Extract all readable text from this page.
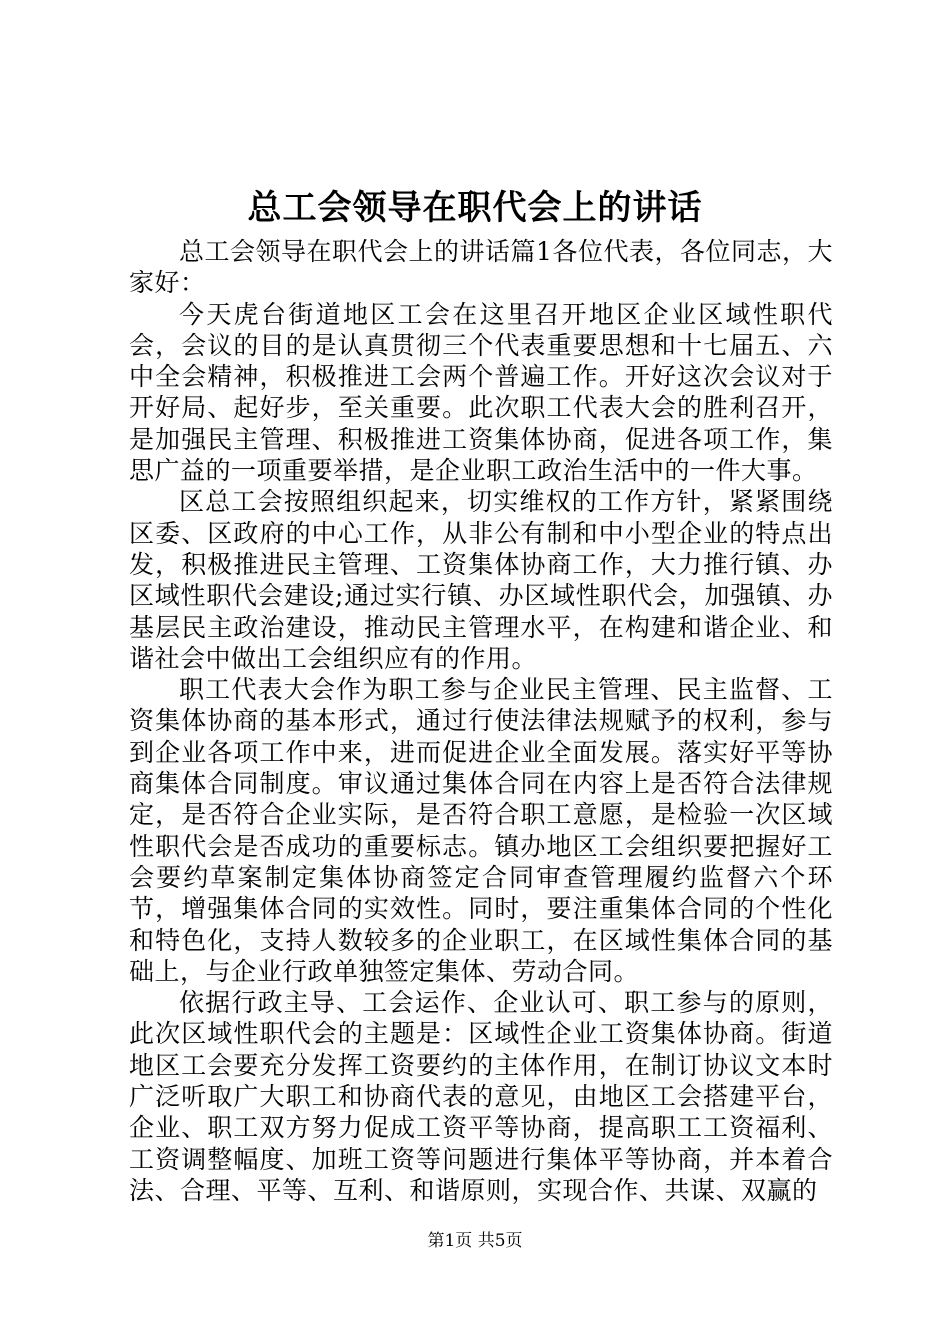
总工会领导在职代会上的讲话

总工会领导在职代会上的讲话篇1各位代表，各位同志，大家好：

今天虎台街道地区工会在这里召开地区企业区域性职代会，会议的目的是认真贯彻三个代表重要思想和十七届五、六中全会精神，积极推进工会两个普遍工作。开好这次会议对于开好局、起好步，至关重要。此次职工代表大会的胜利召开，是加强民主管理、积极推进工资集体协商，促进各项工作，集思广益的一项重要举措，是企业职工政治生活中的一件大事。

区总工会按照组织起来，切实维权的工作方针，紧紧围绕区委、区政府的中心工作，从非公有制和中小型企业的特点出发，积极推进民主管理、工资集体协商工作，大力推行镇、办区域性职代会建设;通过实行镇、办区域性职代会，加强镇、办基层民主政治建设，推动民主管理水平，在构建和谐企业、和谐社会中做出工会组织应有的作用。

职工代表大会作为职工参与企业民主管理、民主监督、工资集体协商的基本形式，通过行使法律法规赋予的权利，参与到企业各项工作中来，进而促进企业全面发展。落实好平等协商集体合同制度。审议通过集体合同在内容上是否符合法律规定，是否符合企业实际，是否符合职工意愿，是检验一次区域性职代会是否成功的重要标志。镇办地区工会组织要把握好工会要约草案制定集体协商签定合同审查管理履约监督六个环节，增强集体合同的实效性。同时，要注重集体合同的个性化和特色化，支持人数较多的企业职工，在区域性集体合同的基础上，与企业行政单独签定集体、劳动合同。

依据行政主导、工会运作、企业认可、职工参与的原则，此次区域性职代会的主题是：区域性企业工资集体协商。街道地区工会要充分发挥工资要约的主体作用，在制订协议文本时广泛听取广大职工和协商代表的意见，由地区工会搭建平台，企业、职工双方努力促成工资平等协商，提高职工工资福利、工资调整幅度、加班工资等问题进行集体平等协商，并本着合法、合理、平等、互利、和谐原则，实现合作、共谋、双赢的

第1页 共5页
